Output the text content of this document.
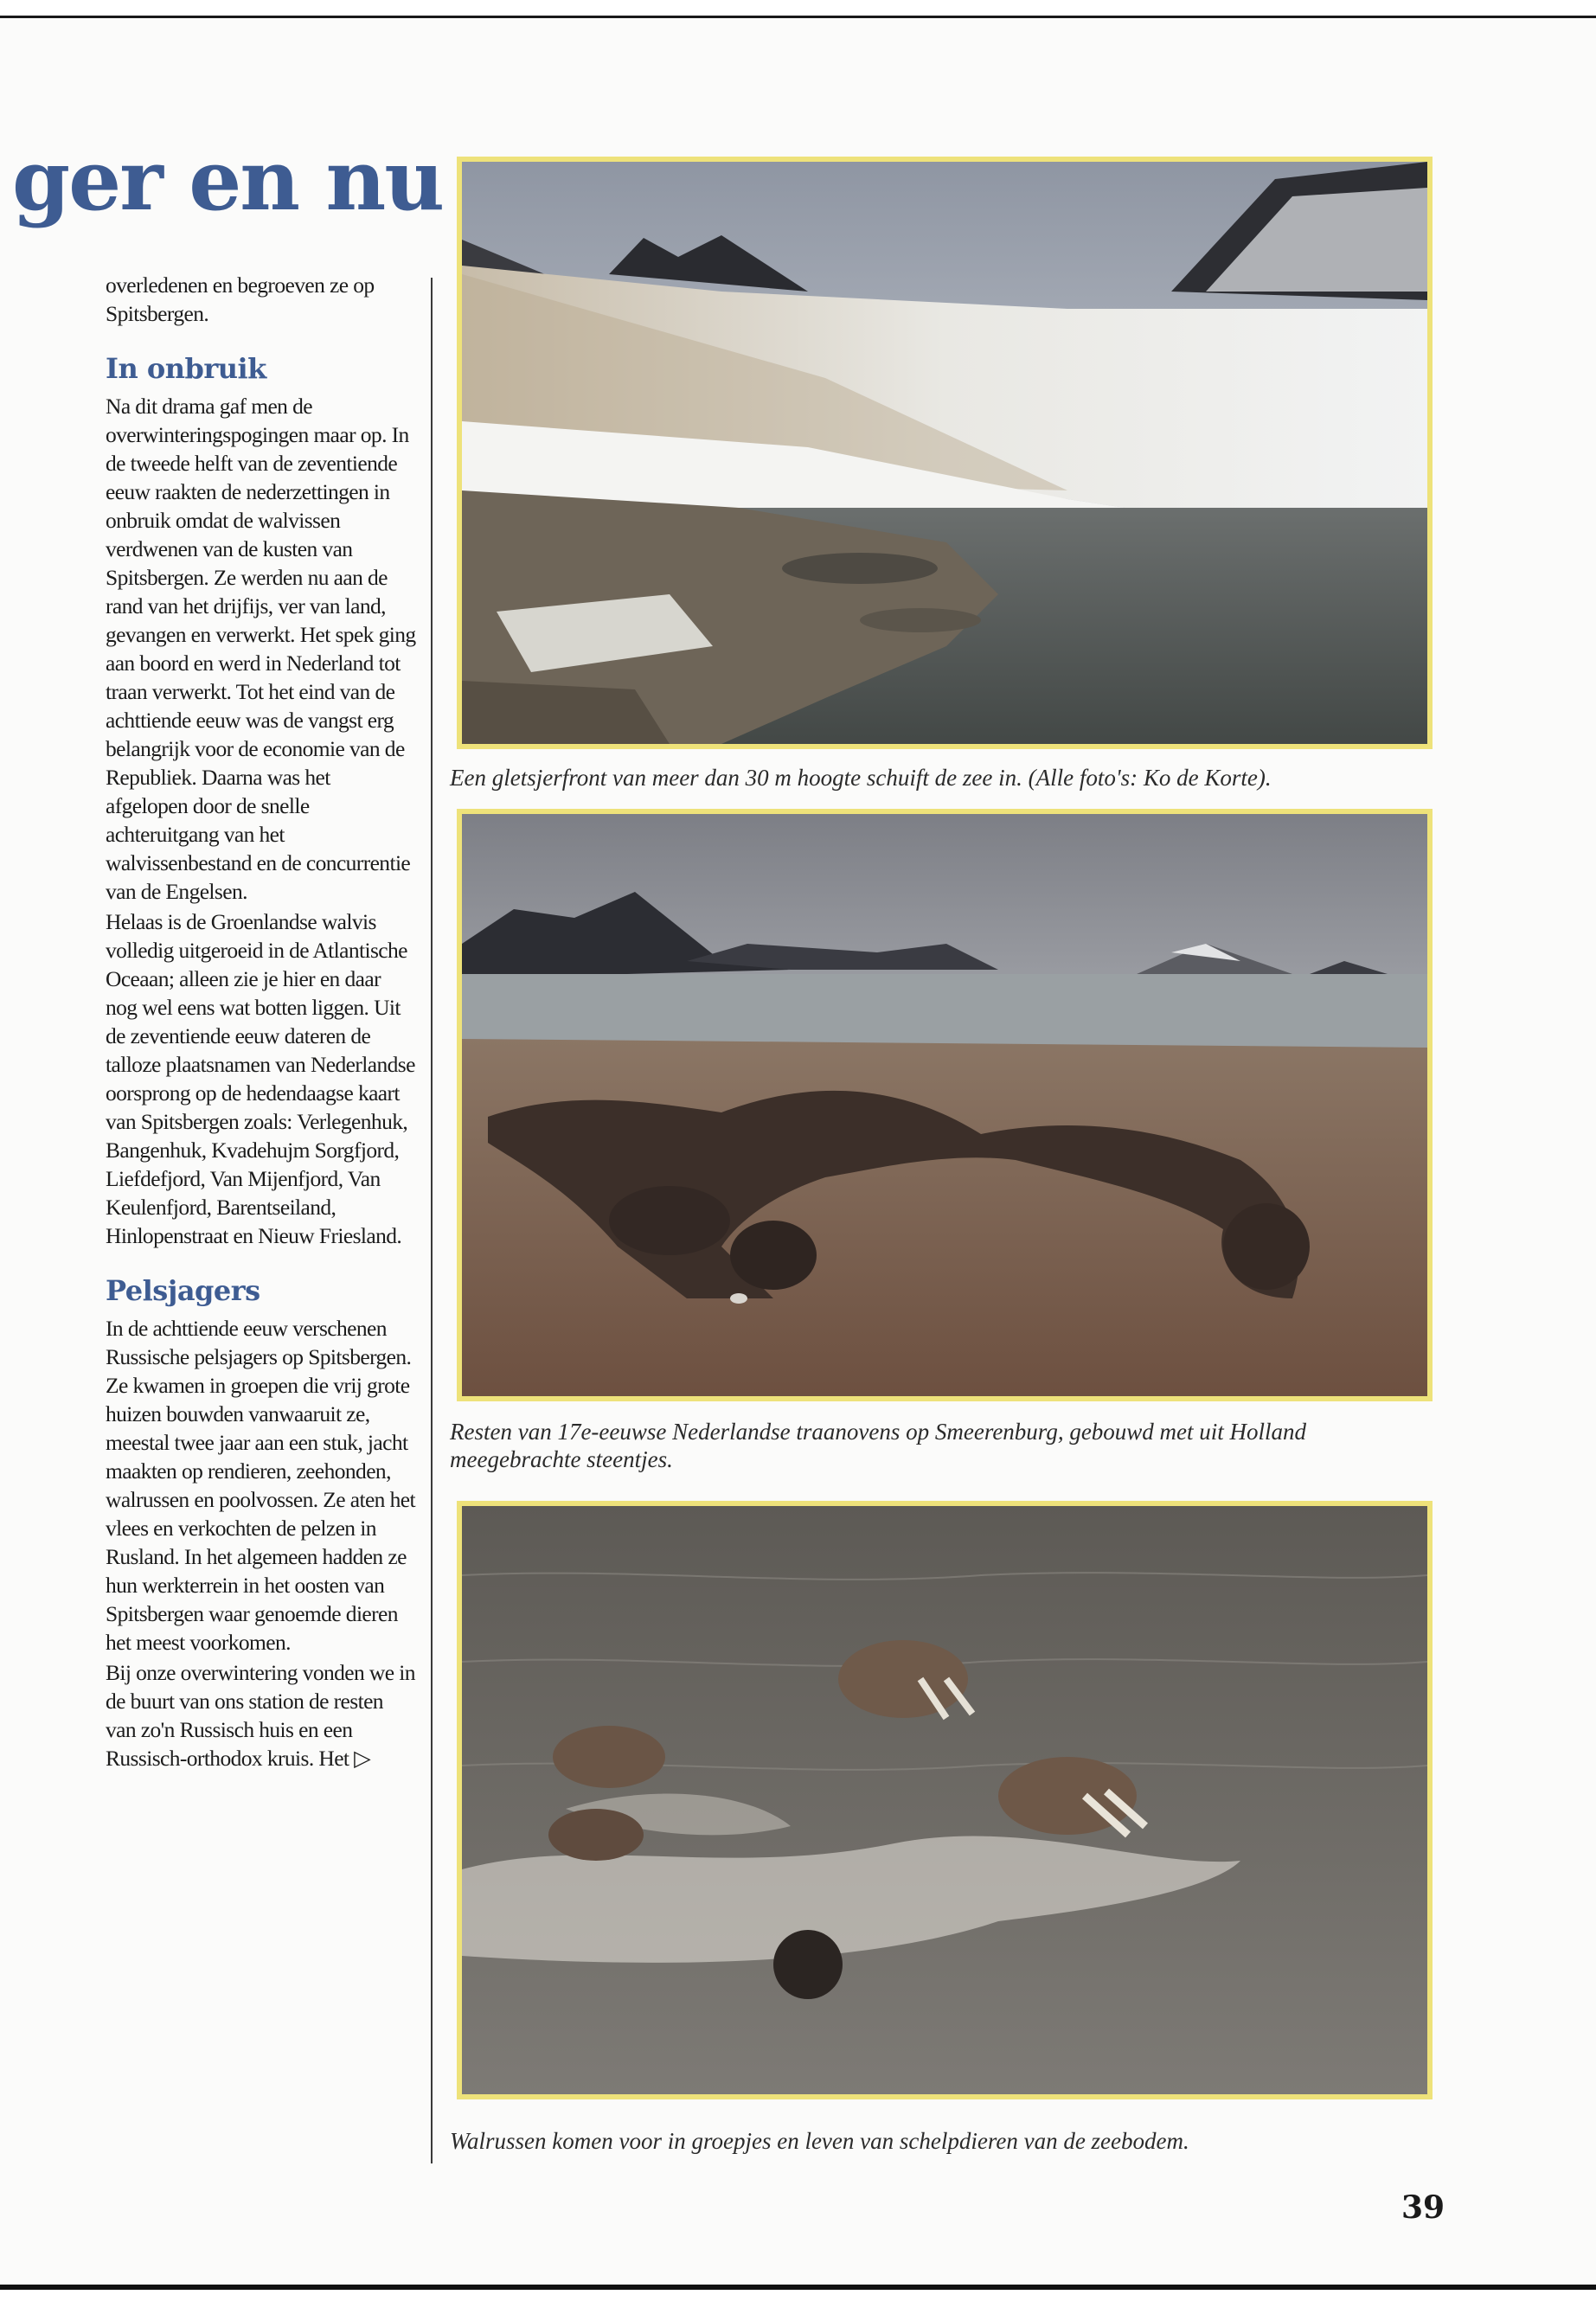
ger en nu

overledenen en begroeven ze op Spitsbergen.

In onbruik

Na dit drama gaf men de overwinteringspogingen maar op. In de tweede helft van de zeventiende eeuw raakten de nederzettingen in onbruik omdat de walvissen verdwenen van de kusten van Spitsbergen. Ze werden nu aan de rand van het drijfijs, ver van land, gevangen en verwerkt. Het spek ging aan boord en werd in Nederland tot traan verwerkt. Tot het eind van de achttiende eeuw was de vangst erg belangrijk voor de economie van de Republiek. Daarna was het afgelopen door de snelle achteruitgang van het walvissenbestand en de concurrentie van de Engelsen.

Helaas is de Groenlandse walvis volledig uitgeroeid in de Atlantische Oceaan; alleen zie je hier en daar nog wel eens wat botten liggen. Uit de zeventiende eeuw dateren de talloze plaatsnamen van Nederlandse oorsprong op de hedendaagse kaart van Spitsbergen zoals: Verlegenhuk, Bangenhuk, Kvadehujm Sorgfjord, Liefdefjord, Van Mijenfjord, Van Keulenfjord, Barentseiland, Hinlopenstraat en Nieuw Friesland.

Pelsjagers

In de achttiende eeuw verschenen Russische pelsjagers op Spitsbergen. Ze kwamen in groepen die vrij grote huizen bouwden vanwaaruit ze, meestal twee jaar aan een stuk, jacht maakten op rendieren, zeehonden, walrussen en poolvossen. Ze aten het vlees en verkochten de pelzen in Rusland. In het algemeen hadden ze hun werkterrein in het oosten van Spitsbergen waar genoemde dieren het meest voorkomen.

Bij onze overwintering vonden we in de buurt van ons station de resten van zo'n Russisch huis en een Russisch-orthodox kruis. Het ▷

Een gletsjerfront van meer dan 30 m hoogte schuift de zee in. (Alle foto's: Ko de Korte).
Resten van 17e-eeuwse Nederlandse traanovens op Smeerenburg, gebouwd met uit Holland meegebrachte steentjes.
Walrussen komen voor in groepjes en leven van schelpdieren van de zeebodem.
39
